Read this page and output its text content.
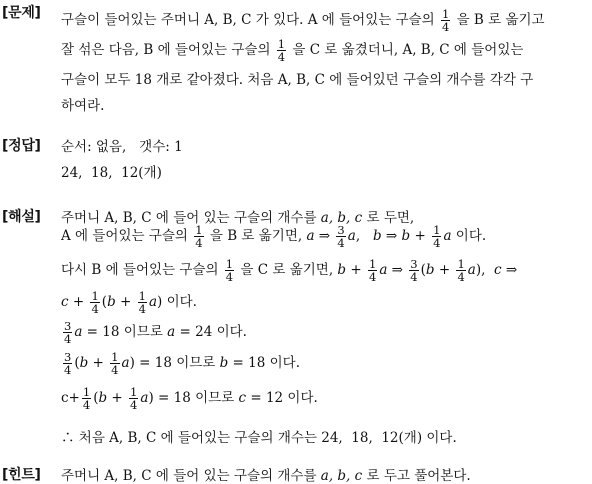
[문제] 구슬이 들어있는 주머니 A, B, C 가 있다. A 에 들어있는 구슬의 $\frac{1}{4}$ 을 B 로 옮기고
잘 섞은 다음, B 에 들어있는 구슬의 $\frac{1}{4}$ 을 C 로 옮겼더니, A, B, C 에 들어있는
구슬이 모두 18 개로 같아졌다. 처음 A, B, C 에 들어있던 구슬의 개수를 각각 구
하여라.
[정답] 순서: 없음,   갯수: 1
24,  18,  12(개)
[해설] 주머니 A, B, C 에 들어 있는 구슬의 개수를 a, b, c 로 두면,
A 에 들어있는 구슬의 $\frac{1}{4}$ 을 B 로 옮기면, a ⇒ $\frac{3}{4} a$,   b ⇒ $b + \frac{1}{4}$ a 이다.
다시 B 에 들어있는 구슬의 $\frac{1}{4}$ 을 C 로 옮기면, $b + \frac{1}{4}$ a ⇒ $\frac{3}{4} (b + \frac{1}{4} a)$,  c ⇒
$c + \frac{1}{4} (b + \frac{1}{4} a)$ 이다.
$\frac{3}{4}$ a = 18 이므로 a = 24 이다.
$\frac{3}{4} (b + \frac{1}{4} a) = 18$ 이므로 b = 18 이다.
$c+ \frac{1}{4} (b + \frac{1}{4} a) = 18$ 이므로 c = 12 이다.
∴ 처음 A, B, C 에 들어있는 구슬의 개수는 24,  18,  12(개) 이다.
[힌트] 주머니 A, B, C 에 들어 있는 구슬의 개수를 a, b, c 로 두고 풀어본다.
